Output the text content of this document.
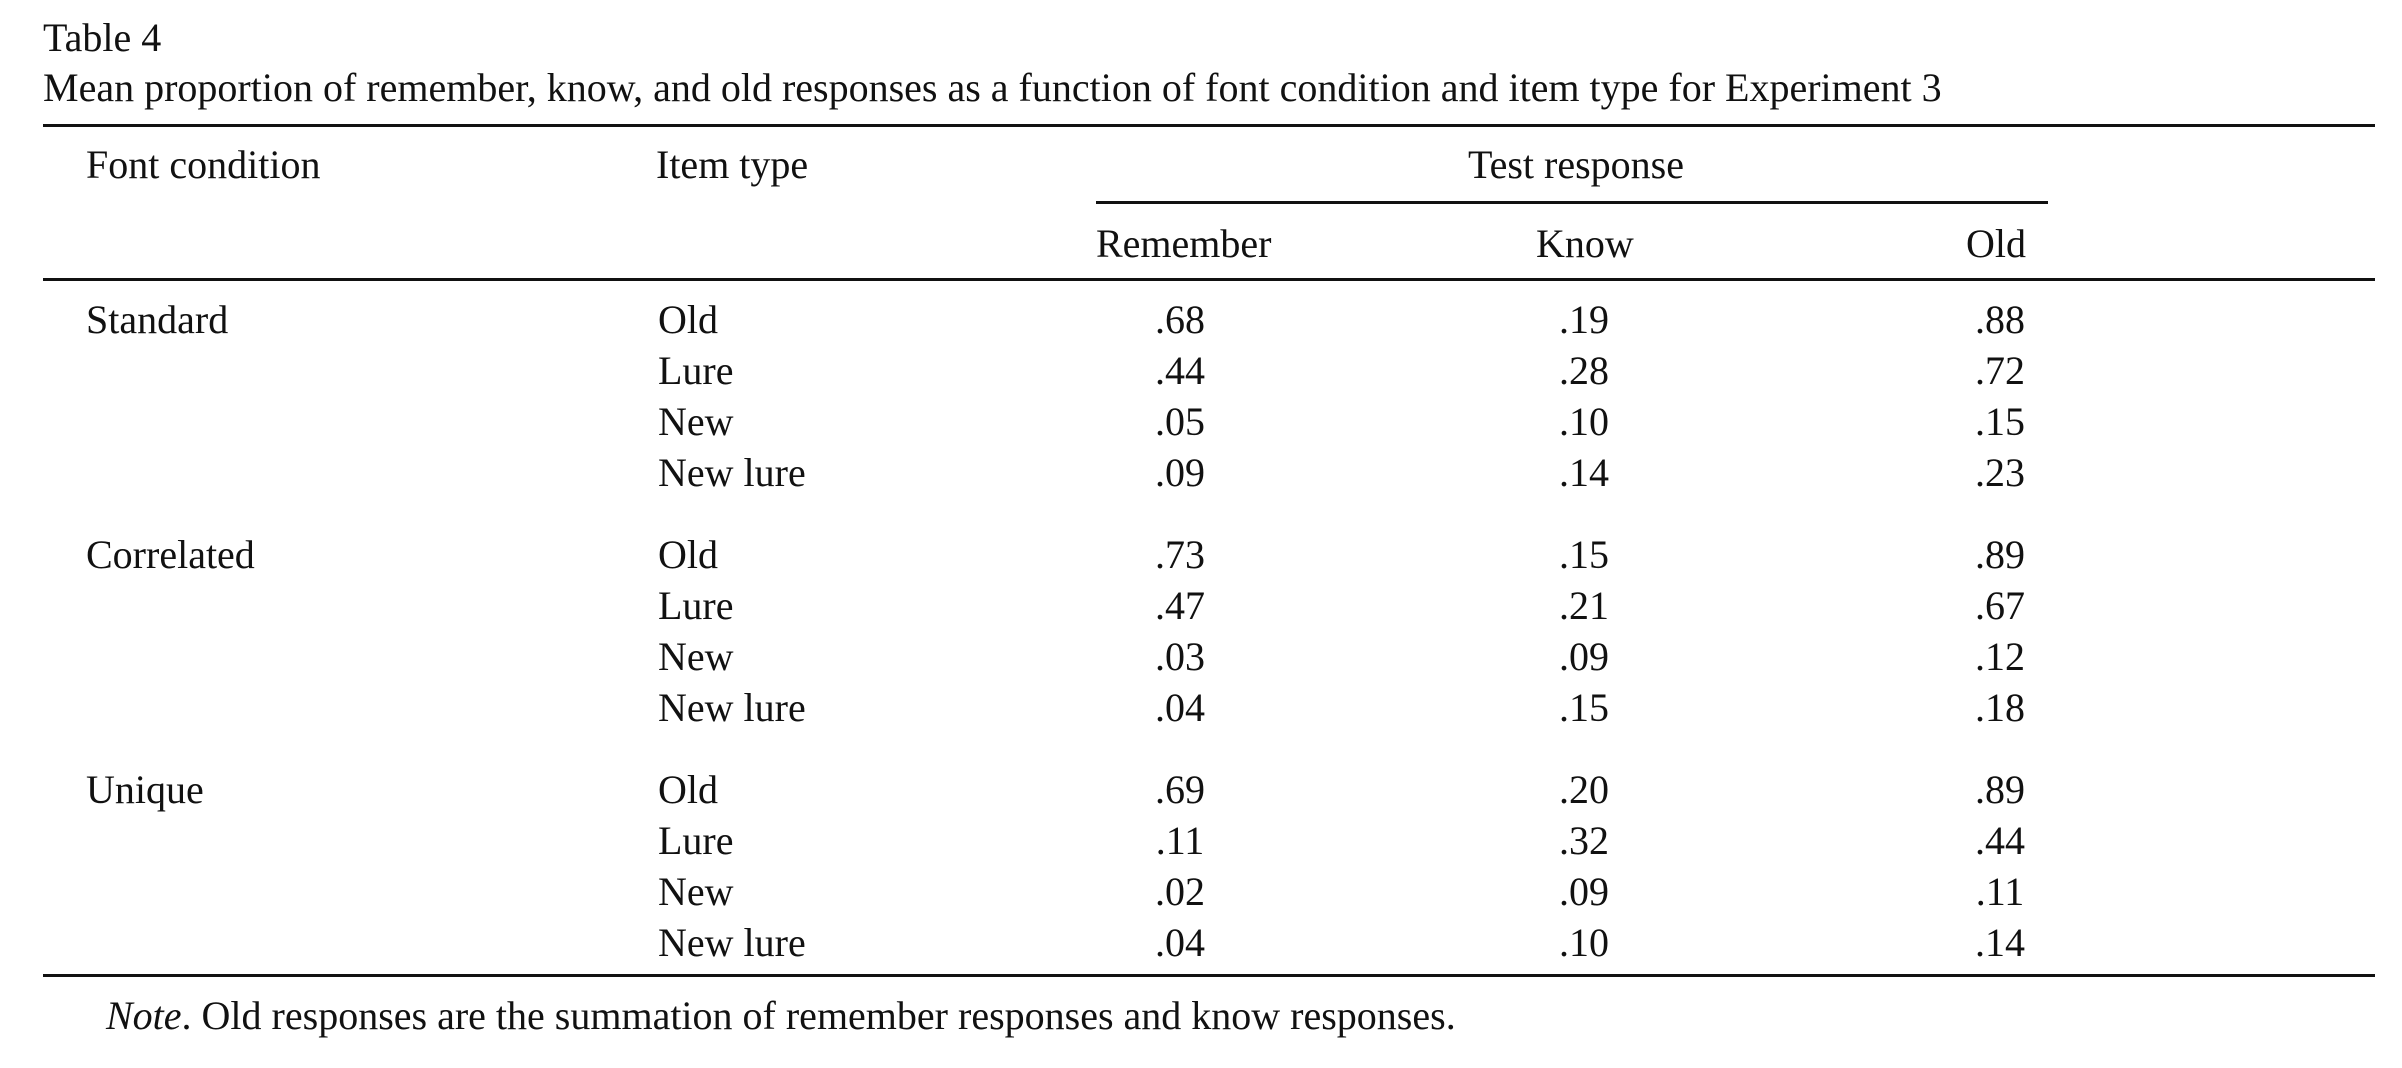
Table 4
Mean proportion of remember, know, and old responses as a function of font condition and item type for Experiment 3
Font condition	Item type	Test response
Remember	Know	Old
Standard	Old	.68	.19	.88
Lure	.44	.28	.72
New	.05	.10	.15
New lure	.09	.14	.23
Correlated	Old	.73	.15	.89
Lure	.47	.21	.67
New	.03	.09	.12
New lure	.04	.15	.18
Unique	Old	.69	.20	.89
Lure	.11	.32	.44
New	.02	.09	.11
New lure	.04	.10	.14
Note. Old responses are the summation of remember responses and know responses.
